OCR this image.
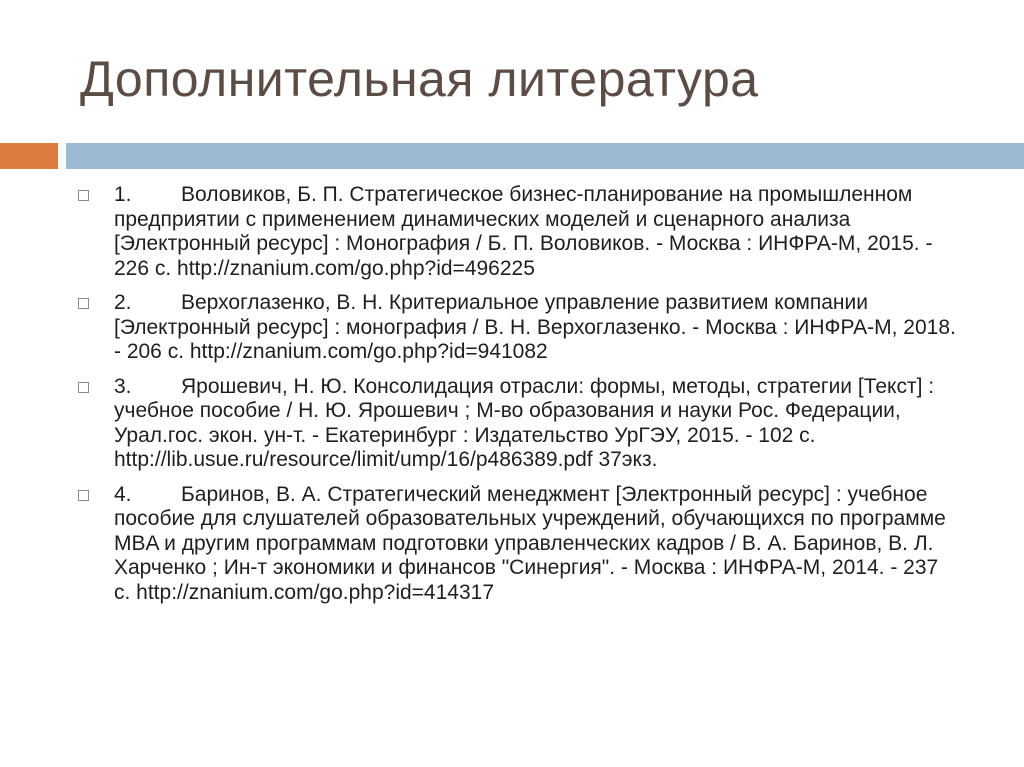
Дополнительная литература
1. Воловиков, Б. П. Стратегическое бизнес-планирование на промышленном предприятии с применением динамических моделей и сценарного анализа [Электронный ресурс] : Монография / Б. П. Воловиков. - Москва : ИНФРА-М, 2015. - 226 с. http://znanium.com/go.php?id=496225
2. Верхоглазенко, В. Н. Критериальное управление развитием компании [Электронный ресурс] : монография / В. Н. Верхоглазенко. - Москва : ИНФРА-М, 2018. - 206 с. http://znanium.com/go.php?id=941082
3. Ярошевич, Н. Ю. Консолидация отрасли: формы, методы, стратегии [Текст] : учебное пособие / Н. Ю. Ярошевич ; М-во образования и науки Рос. Федерации, Урал.гос. экон. ун-т. - Екатеринбург : Издательство УрГЭУ, 2015. - 102 с. http://lib.usue.ru/resource/limit/ump/16/p486389.pdf 37экз.
4. Баринов, В. А. Стратегический менеджмент [Электронный ресурс] : учебное пособие для слушателей образовательных учреждений, обучающихся по программе MBA и другим программам подготовки управленческих кадров / В. А. Баринов, В. Л. Харченко ; Ин-т экономики и финансов "Синергия". - Москва : ИНФРА-М, 2014. - 237 с. http://znanium.com/go.php?id=414317
